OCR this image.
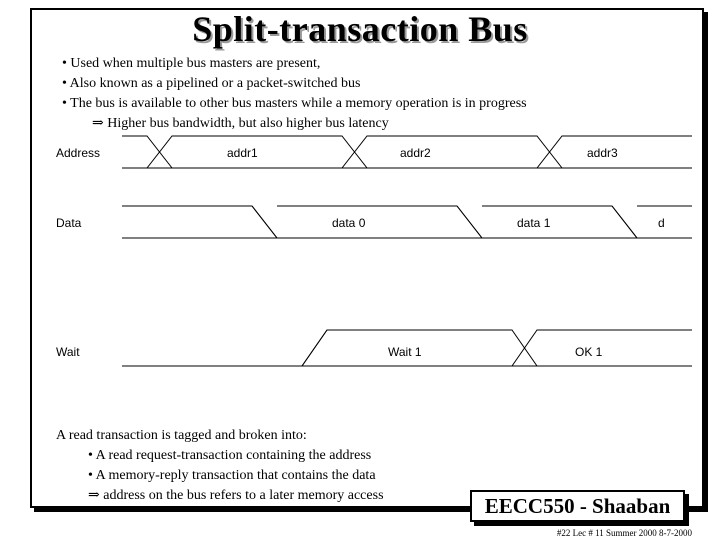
Split-transaction Bus
• Used when multiple bus masters are present,
• Also known as a pipelined or a packet-switched bus
• The bus is available to other bus masters while a memory operation is in progress
⇒ Higher bus bandwidth, but also higher bus latency
Address
Data
Wait
addr1	addr2	addr3
data 0	data 1	d
Wait 1	OK 1
A read transaction is tagged and broken into:
• A read request-transaction containing the address
• A memory-reply transaction that contains the data
⇒ address on the bus refers to a later memory access	EECC550 - Shaaban
#22 Lec # 11 Summer 2000 8-7-2000
